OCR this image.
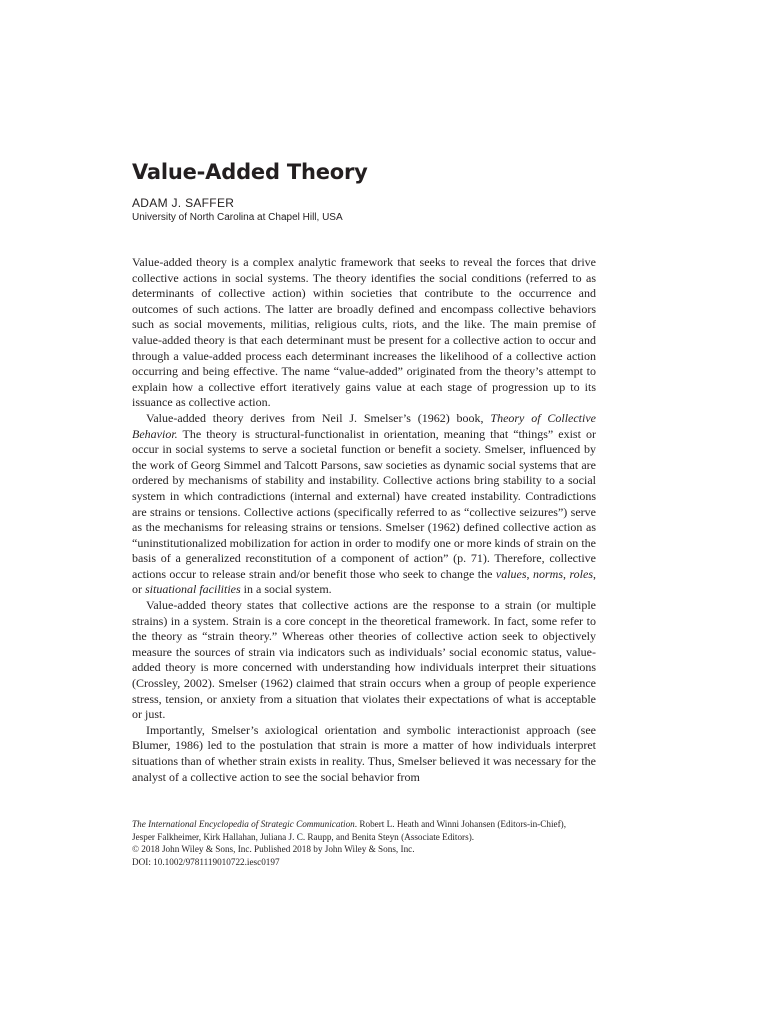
Value-Added Theory
ADAM J. SAFFER
University of North Carolina at Chapel Hill, USA

Value-added theory is a complex analytic framework that seeks to reveal the forces that drive collective actions in social systems. The theory identifies the social conditions (referred to as determinants of collective action) within societies that contribute to the occurrence and outcomes of such actions. The latter are broadly defined and encompass collective behaviors such as social movements, militias, religious cults, riots, and the like. The main premise of value-added theory is that each determinant must be present for a collective action to occur and through a value-added process each determinant increases the likelihood of a collective action occurring and being effective. The name “value-added” originated from the theory’s attempt to explain how a collective effort iteratively gains value at each stage of progression up to its issuance as collective action.

Value-added theory derives from Neil J. Smelser’s (1962) book, Theory of Collective Behavior. The theory is structural-functionalist in orientation, meaning that “things” exist or occur in social systems to serve a societal function or benefit a society. Smelser, influenced by the work of Georg Simmel and Talcott Parsons, saw societies as dynamic social systems that are ordered by mechanisms of stability and instability. Collective actions bring stability to a social system in which contradictions (internal and external) have created instability. Contradictions are strains or tensions. Collective actions (specifically referred to as “collective seizures”) serve as the mechanisms for releasing strains or tensions. Smelser (1962) defined collective action as “uninstitutionalized mobilization for action in order to modify one or more kinds of strain on the basis of a generalized reconstitution of a component of action” (p. 71). Therefore, collective actions occur to release strain and/or benefit those who seek to change the values, norms, roles, or situational facilities in a social system.

Value-added theory states that collective actions are the response to a strain (or multiple strains) in a system. Strain is a core concept in the theoretical framework. In fact, some refer to the theory as “strain theory.” Whereas other theories of collective action seek to objectively measure the sources of strain via indicators such as individuals’ social economic status, value-added theory is more concerned with understanding how individuals interpret their situations (Crossley, 2002). Smelser (1962) claimed that strain occurs when a group of people experience stress, tension, or anxiety from a situation that violates their expectations of what is acceptable or just.

Importantly, Smelser’s axiological orientation and symbolic interactionist approach (see Blumer, 1986) led to the postulation that strain is more a matter of how individuals interpret situations than of whether strain exists in reality. Thus, Smelser believed it was necessary for the analyst of a collective action to see the social behavior from

The International Encyclopedia of Strategic Communication. Robert L. Heath and Winni Johansen (Editors-in-Chief),
Jesper Falkheimer, Kirk Hallahan, Juliana J. C. Raupp, and Benita Steyn (Associate Editors).
© 2018 John Wiley & Sons, Inc. Published 2018 by John Wiley & Sons, Inc.
DOI: 10.1002/9781119010722.iesc0197
